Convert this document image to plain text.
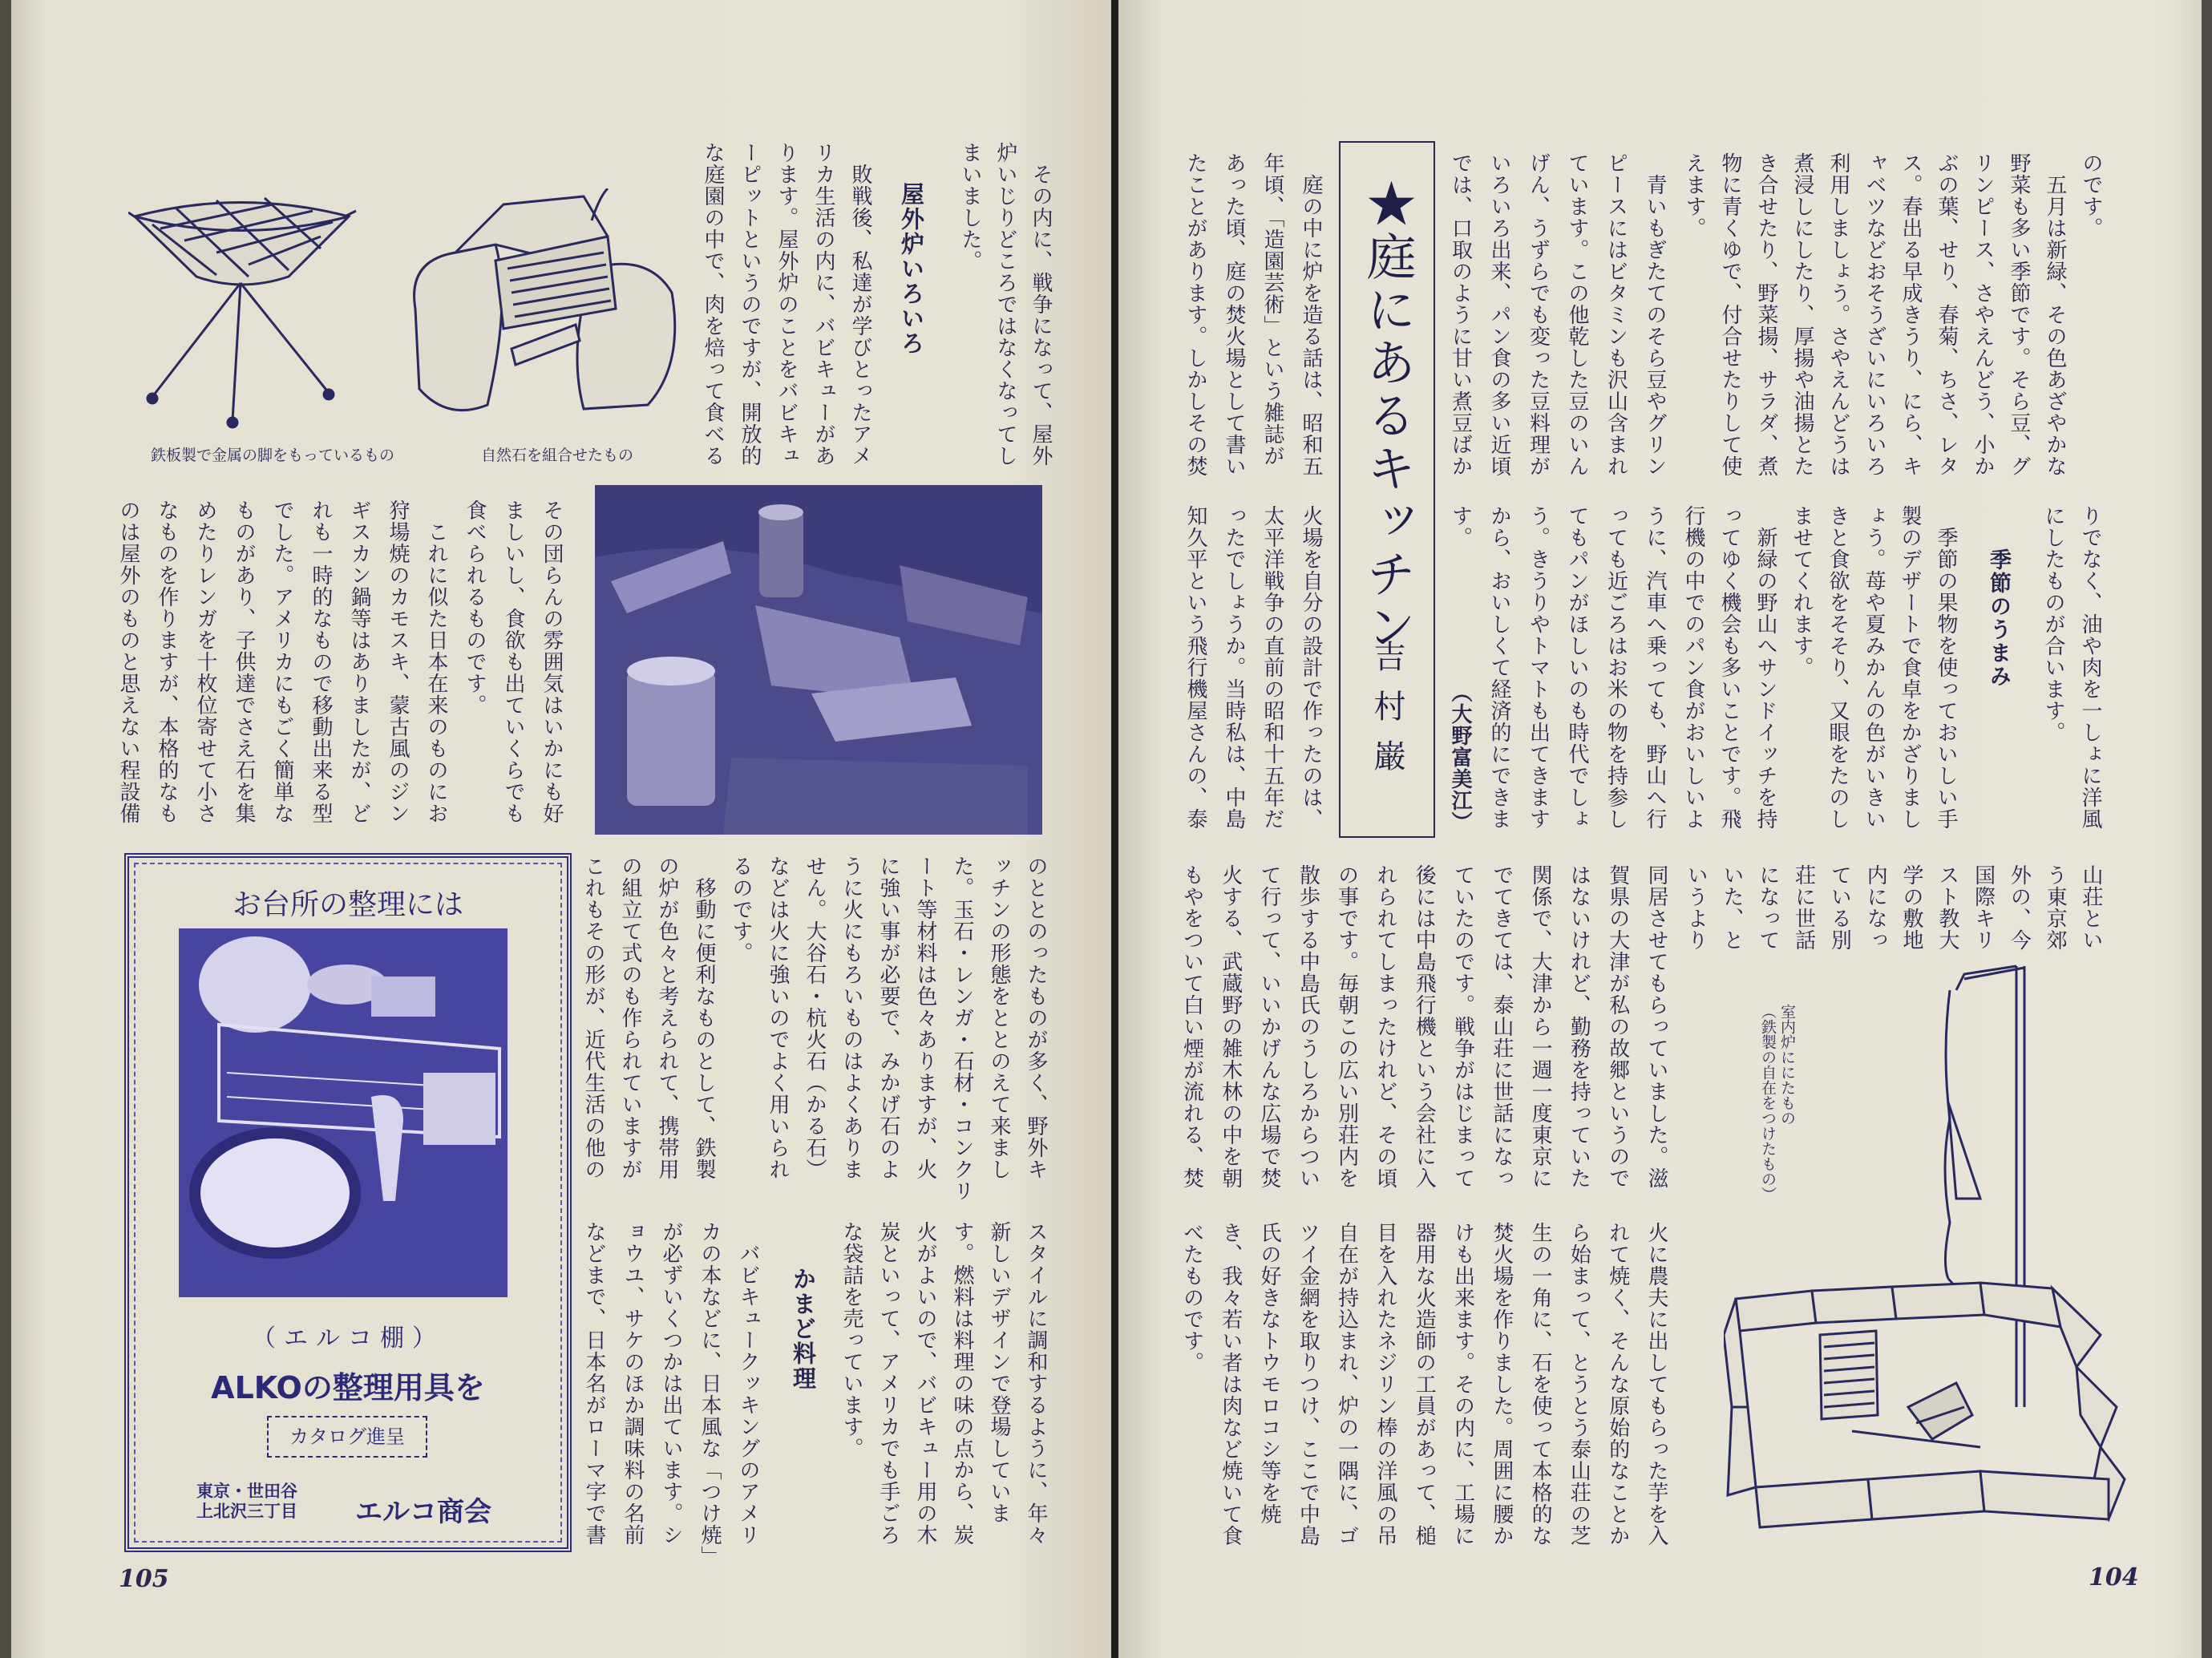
鉄板製で金属の脚をもっているもの	自然石を組合せたもの	　その内に、戦争になって、屋外
炉いじりどころではなくなってし
まいました。
屋外炉いろいろ
　敗戦後、私達が学びとったアメ
リカ生活の内に、バビキューがあ
ります。屋外炉のことをバビキュ
ーピットというのですが、開放的
な庭園の中で、肉を焙って食べる
その団らんの雰囲気はいかにも好
ましいし、食欲も出ていくらでも
食べられるものです。
　これに似た日本在来のものにお
狩場焼のカモスキ、蒙古風のジン
ギスカン鍋等はありましたが、ど
れも一時的なもので移動出来る型
でした。アメリカにもごく簡単な
ものがあり、子供達でさえ石を集
めたりレンガを十枚位寄せて小さ
なものを作りますが、本格的なも
のは屋外のものと思えない程設備
お台所の整理には
（エルコ棚）
ALKOの整理用具を
カタログ進呈
東京・世田谷
上北沢三丁目 エルコ商会
のととのったものが多く、野外キ
ッチンの形態をととのえて来まし
た。玉石・レンガ・石材・コンクリ
ート等材料は色々ありますが、火
に強い事が必要で、みかげ石のよ
うに火にもろいものはよくありま
せん。大谷石・杭火石（かる石）
などは火に強いのでよく用いられ
るのです。
　移動に便利なものとして、鉄製
の炉が色々と考えられて、携帯用
の組立て式のも作られていますが
これもその形が、近代生活の他の
スタイルに調和するように、年々
新しいデザインで登場していま
す。燃料は料理の味の点から、炭
火がよいので、バビキュー用の木
炭といって、アメリカでも手ごろ
な袋詰を売っています。
かまど料理
　バビキュークッキングのアメリ
カの本などに、日本風な「つけ焼」
が必ずいくつかは出ています。シ
ョウユ、サケのほか調味料の名前
などまで、日本名がローマ字で書
105
のです。
　五月は新緑、その色あざやかな
野菜も多い季節です。そら豆、グ
リンピース、さやえんどう、小か
ぶの葉、せり、春菊、ちさ、レタ
ス。春出る早成きうり、にら、キ
ャベツなどおそうざいにいろいろ
利用しましょう。さやえんどうは
煮浸しにしたり、厚揚や油揚とた
き合せたり、野菜揚、サラダ、煮
物に青くゆで、付合せたりして使
えます。
　青いもぎたてのそら豆やグリン
ピースにはビタミンも沢山含まれ
ています。この他乾した豆のいん
げん、うずらでも変った豆料理が
いろいろ出来、パン食の多い近頃
では、口取のように甘い煮豆ばか
★庭にあるキッチン
吉村巌
　庭の中に炉を造る話は、昭和五
年頃、「造園芸術」という雑誌が
あった頃、庭の焚火場として書い
たことがあります。しかしその焚
りでなく、油や肉を一しょに洋風
にしたものが合います。
季節のうまみ
　季節の果物を使っておいしい手
製のデザートで食卓をかざりまし
ょう。苺や夏みかんの色がいきい
きと食欲をそそり、又眼をたのし
ませてくれます。
　新緑の野山へサンドイッチを持
ってゆく機会も多いことです。飛
行機の中でのパン食がおいしいよ
うに、汽車へ乗っても、野山へ行
っても近ごろはお米の物を持参し
てもパンがほしいのも時代でしょ
う。きうりやトマトも出てきます
から、おいしくて経済的にできま
す。
（大野富美江）
火場を自分の設計で作ったのは、
太平洋戦争の直前の昭和十五年だ
ったでしょうか。当時私は、中島
知久平という飛行機屋さんの、泰
山荘とい
う東京郊
外の、今
国際キリ
スト教大
学の敷地
内になっ
ている別
荘に世話
になって
いた、と
いうより
同居させてもらっていました。滋
賀県の大津が私の故郷というので
はないけれど、勤務を持っていた
関係で、大津から一週一度東京に
でてきては、泰山荘に世話になっ
ていたのです。戦争がはじまって
後には中島飛行機という会社に入
れられてしまったけれど、その頃
の事です。毎朝この広い別荘内を
散歩する中島氏のうしろからつい
て行って、いいかげんな広場で焚
火する、武蔵野の雑木林の中を朝
もやをついて白い煙が流れる、焚
火に農夫に出してもらった芋を入
れて焼く、そんな原始的なことか
ら始まって、とうとう泰山荘の芝
生の一角に、石を使って本格的な
焚火場を作りました。周囲に腰か
けも出来ます。その内に、工場に
器用な火造師の工員があって、槌
目を入れたネジリン棒の洋風の吊
自在が持込まれ、炉の一隅に、ゴ
ツイ金網を取りつけ、ここで中島
氏の好きなトウモロコシ等を焼
き、我々若い者は肉など焼いて食
べたものです。
室内炉ににたもの
（鉄製の自在をつけたもの）
104
